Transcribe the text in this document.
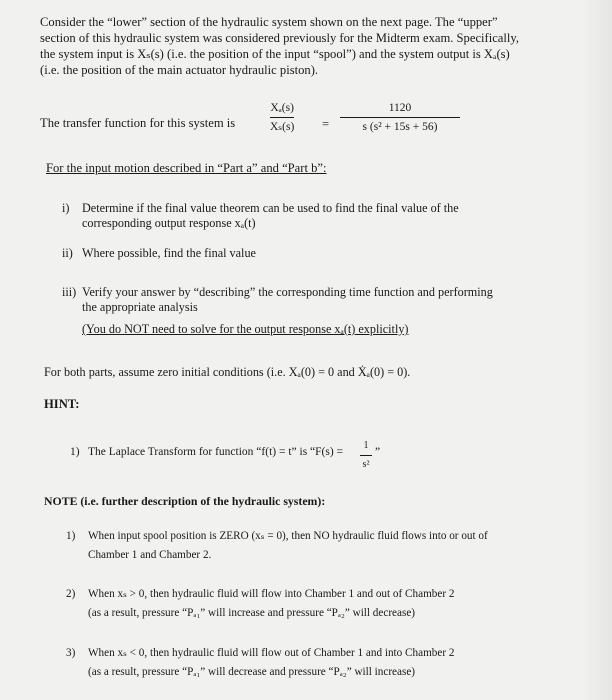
Consider the “lower” section of the hydraulic system shown on the next page. The “upper”
section of this hydraulic system was considered previously for the Midterm exam. Specifically,
the system input is Xₛ(s) (i.e. the position of the input “spool”) and the system output is Xₐ(s)
(i.e. the position of the main actuator hydraulic piston).
The transfer function for this system is
Xₐ(s)
Xₛ(s) =
1120
s (s² + 15s + 56)
For the input motion described in “Part a” and “Part b”:
i) Determine if the final value theorem can be used to find the final value of the
corresponding output response xₐ(t)
ii) Where possible, find the final value
iii) Verify your answer by “describing” the corresponding time function and performing
the appropriate analysis
(You do NOT need to solve for the output response xₐ(t) explicitly)
For both parts, assume zero initial conditions (i.e. Xₐ(0) = 0 and Ẋₐ(0) = 0).
HINT:
1) The Laplace Transform for function “f(t) = t” is “F(s) =
1
s²
”
NOTE (i.e. further description of the hydraulic system):
1) When input spool position is ZERO (xₛ = 0), then NO hydraulic fluid flows into or out of
Chamber 1 and Chamber 2.
2) When xₛ > 0, then hydraulic fluid will flow into Chamber 1 and out of Chamber 2
(as a result, pressure “Pₐ₁” will increase and pressure “Pₐ₂” will decrease)
3) When xₛ < 0, then hydraulic fluid will flow out of Chamber 1 and into Chamber 2
(as a result, pressure “Pₐ₁” will decrease and pressure “Pₐ₂” will increase)
